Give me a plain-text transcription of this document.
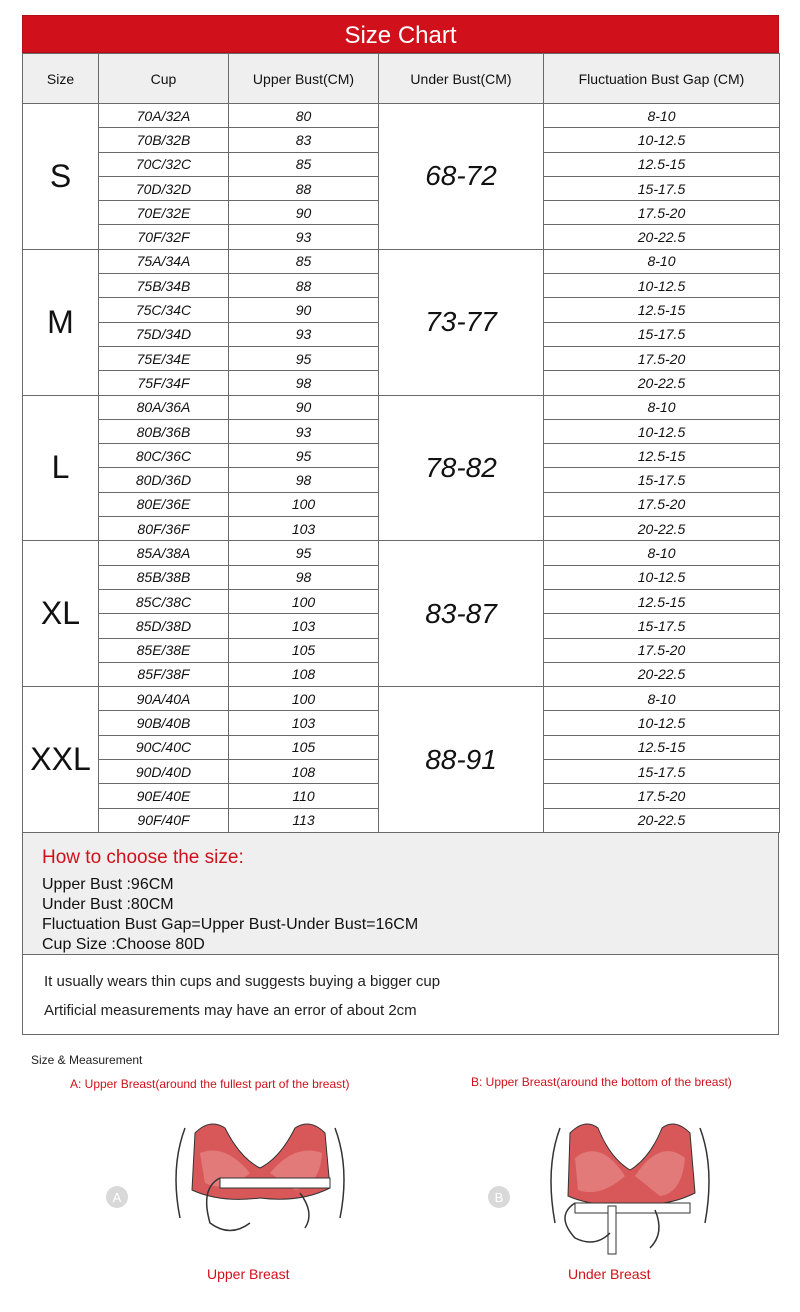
Size Chart
Size	Cup	Upper Bust(CM)	Under Bust(CM)	Fluctuation Bust Gap (CM)
S	70A/32A	80	68-72	8-10
	70B/32B	83		10-12.5
	70C/32C	85		12.5-15
	70D/32D	88		15-17.5
	70E/32E	90		17.5-20
	70F/32F	93		20-22.5
M	75A/34A	85	73-77	8-10
	75B/34B	88		10-12.5
	75C/34C	90		12.5-15
	75D/34D	93		15-17.5
	75E/34E	95		17.5-20
	75F/34F	98		20-22.5
L	80A/36A	90	78-82	8-10
	80B/36B	93		10-12.5
	80C/36C	95		12.5-15
	80D/36D	98		15-17.5
	80E/36E	100		17.5-20
	80F/36F	103		20-22.5
XL	85A/38A	95	83-87	8-10
	85B/38B	98		10-12.5
	85C/38C	100		12.5-15
	85D/38D	103		15-17.5
	85E/38E	105		17.5-20
	85F/38F	108		20-22.5
XXL	90A/40A	100	88-91	8-10
	90B/40B	103		10-12.5
	90C/40C	105		12.5-15
	90D/40D	108		15-17.5
	90E/40E	110		17.5-20
	90F/40F	113		20-22.5
How to choose the size:
Upper Bust :96CM
Under Bust :80CM
Fluctuation Bust Gap=Upper Bust-Under Bust=16CM
Cup Size :Choose 80D
It usually wears thin cups and suggests buying a bigger cup
Artificial measurements may have an error of about 2cm
Size & Measurement
A: Upper Breast(around the fullest part of the breast)	B: Upper Breast(around the bottom of the breast)
A
Upper Breast
B
Under Breast
